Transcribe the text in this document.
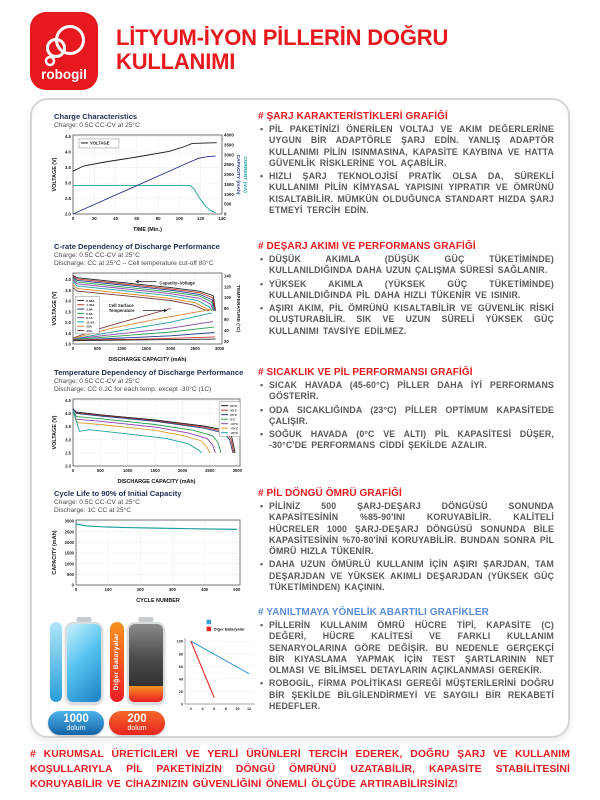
robogil
LİTYUM-İYON PİLLERİN DOĞRU KULLANIMI
Charge Characteristics
Charge: 0.5C CC-CV at 25°C
0	20	40	60	80	100	120	140
2.0
2.5
3.0
3.5
4.0
4.5
0
500
1000
1500
2000
2500
3000
3500
4000
VOLTAGE
TIME (Min.)
VOLTAGE (V)	CAPACITY (mAh) CURRENT (mA)
# ŞARJ KARAKTERİSTİKLERİ GRAFİĞİ
• PİL PAKETİNİZİ ÖNERİLEN VOLTAJ VE AKIM DEĞERLERİNE UYGUN BİR ADAPTÖRLE ŞARJ EDİN. YANLIŞ ADAPTÖR KULLANIMI PİLİN ISINMASINA, KAPASİTE KAYBINA VE HATTA GÜVENLİK RİSKLERİNE YOL AÇABİLİR.
• HIZLI ŞARJ TEKNOLOJİSİ PRATİK OLSA DA, SÜREKLİ KULLANIMI PİLİN KİMYASAL YAPISINI YIPRATIR VE ÖMRÜNÜ KISALTABİLİR. MÜMKÜN OLDUĞUNCA STANDART HIZDA ŞARJ ETMEYİ TERCİH EDİN.
C-rate Dependency of Discharge Performance
Charge: 0.5C CC-CV at 25°C
Discharge: CC at 25°C – Cell temperature cut-off 80°C
0	500	1000	1500	2000	2500	3000
1.0
1.5
2.0
2.5
3.0
3.5
4.0
20
40
60
80
100
120
140
Capacity–Voltage
Cell Surface
Temperature
0.58A
1.45A
2.9A
5.8A
8.7A
11.6A
20A
25A
DISCHARGE CAPACITY (mAh)
VOLTAGE (V)	TEMPERATURE (°C)
# DEŞARJ AKIMI VE PERFORMANS GRAFİĞİ
• DÜŞÜK AKIMLA (DÜŞÜK GÜÇ TÜKETİMİNDE) KULLANILDIĞINDA DAHA UZUN ÇALIŞMA SÜRESİ SAĞLANIR.
• YÜKSEK AKIMLA (YÜKSEK GÜÇ TÜKETİMİNDE) KULLANILDIĞINDA PİL DAHA HIZLI TÜKENİR VE ISINIR.
• AŞIRI AKIM, PİL ÖMRÜNÜ KISALTABİLİR VE GÜVENLİK RİSKİ OLUŞTURABİLİR. SIK VE UZUN SÜRELİ YÜKSEK GÜÇ KULLANIMI TAVSİYE EDİLMEZ.
Temperature Dependency of Discharge Performance
Charge: 0.5C CC-CV at 25°C
Discharge: CC 0.2C for each temp. except -30°C (1C)
0	500	1000	1500	2000	2500	3000
2.0
2.5
3.0
3.5
4.0
4.5
60°C
45°C
25°C
0°C
-10°C
-20°C
-30°C
DISCHARGE CAPACITY (mAh)
VOLTAGE (V)
# SICAKLIK VE PİL PERFORMANSI GRAFİĞİ
• SICAK HAVADA (45-60°C) PİLLER DAHA İYİ PERFORMANS GÖSTERİR.
• ODA SICAKLIĞINDA (23°C) PİLLER OPTİMUM KAPASİTEDE ÇALIŞIR.
• SOĞUK HAVADA (0°C VE ALTI) PİL KAPASİTESİ DÜŞER, -30°C'DE PERFORMANS CİDDİ ŞEKİLDE AZALIR.
Cycle Life to 90% of Initial Capacity
Charge: 0.5C CC-CV at 25°C
Discharge: 1C CC at 25°C
0	100	200	300	400	500
0
500
1000
1500
2000
2500
3000
CYCLE NUMBER
CAPACITY (mAh)
# PİL DÖNGÜ ÖMRÜ GRAFİĞİ
• PİLİNİZ 500 ŞARJ-DEŞARJ DÖNGÜSÜ SONUNDA KAPASİTESİNİN %85-90'INI KORUYABİLİR. KALİTELİ HÜCRELER 1000 ŞARJ-DEŞARJ DÖNGÜSÜ SONUNDA BİLE KAPASİTESİNİN %70-80'İNİ KORUYABİLİR. BUNDAN SONRA PİL ÖMRÜ HIZLA TÜKENİR.
• DAHA UZUN ÖMÜRLÜ KULLANIM İÇİN AŞIRI ŞARJDAN, TAM DEŞARJDAN VE YÜKSEK AKIMLI DEŞARJDAN (YÜKSEK GÜÇ TÜKETİMİNDEN) KAÇININ.
1000
dolum
Diğer Bataryalar
200
dolum
2	4	6	8 10 12
0
20
40
60
80
100
Diğer Bataryalar
# YANILTMAYA YÖNELİK ABARTILI GRAFİKLER
• PİLLERİN KULLANIM ÖMRÜ HÜCRE TİPİ, KAPASİTE (C) DEĞERİ, HÜCRE KALİTESİ VE FARKLI KULLANIM SENARYOLARINA GÖRE DEĞİŞİR. BU NEDENLE GERÇEKÇİ BİR KIYASLAMA YAPMAK İÇİN TEST ŞARTLARININ NET OLMASI VE BİLİMSEL DETAYLARIN AÇIKLANMASI GEREKİR.
• ROBOGİL, FİRMA POLİTİKASI GEREĞİ MÜŞTERİLERİNİ DOĞRU BİR ŞEKİLDE BİLGİLENDİRMEYİ VE SAYGILI BİR REKABETİ HEDEFLER.
# KURUMSAL ÜRETİCİLERİ VE YERLİ ÜRÜNLERİ TERCİH EDEREK, DOĞRU ŞARJ VE KULLANIM KOŞULLARIYLA PİL PAKETİNİZİN DÖNGÜ ÖMRÜNÜ UZATABİLİR, KAPASİTE STABİLİTESİNİ KORUYABİLİR VE CİHAZINIZIN GÜVENLİĞİNİ ÖNEMLİ ÖLÇÜDE ARTIRABİLİRSİNİZ!
